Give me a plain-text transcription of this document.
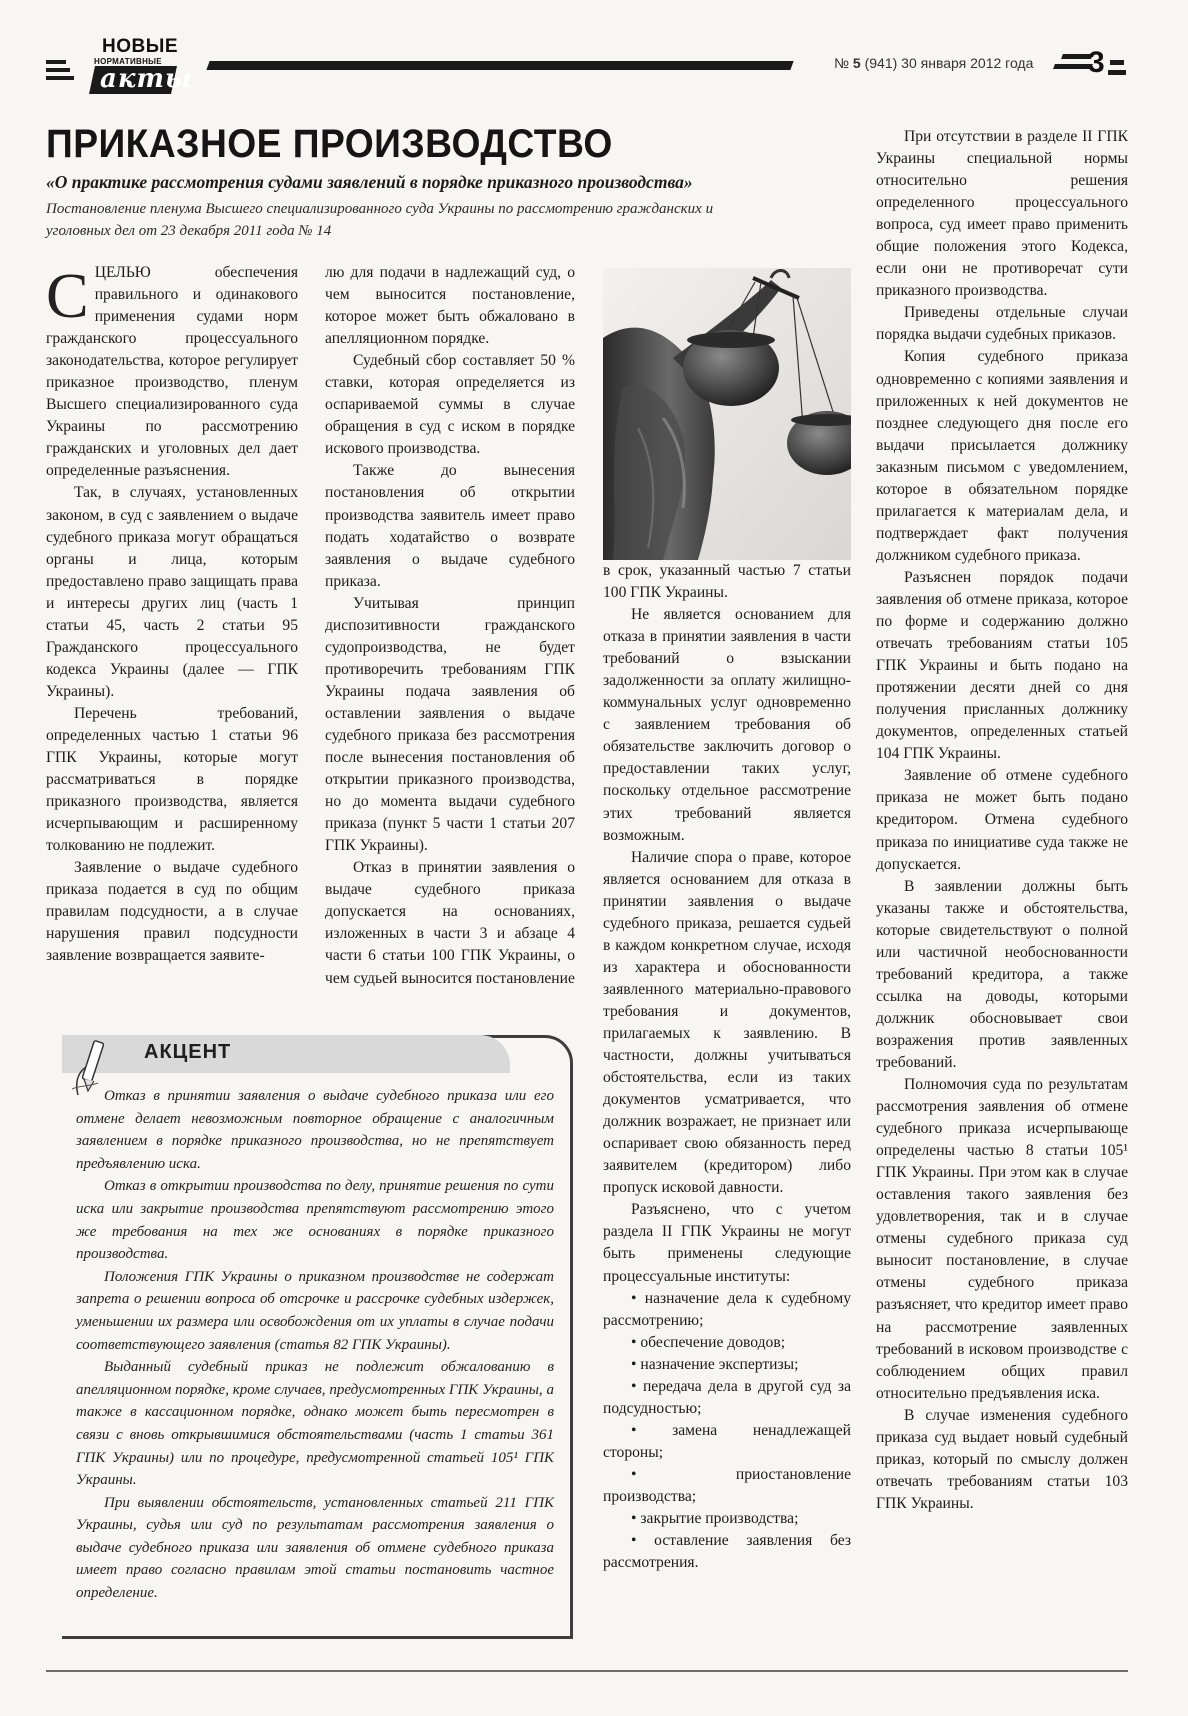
НОВЫЕ
НОРМАТИВНЫЕ
акты
№ 5 (941) 30 января 2012 года 3
ПРИКАЗНОЕ ПРОИЗВОДСТВО
«О практике рассмотрения судами заявлений в порядке приказного производства»
Постановление пленума Высшего специализированного суда Украины по рассмотрению гражданских и уголовных дел от 23 декабря 2011 года № 14

СЦЕЛЬЮ обеспечения правильного и одинакового применения судами норм гражданского процессуального законодательства, которое регулирует приказное производство, пленум Высшего специализированного суда Украины по рассмотрению гражданских и уголовных дел дает определенные разъяснения.

Так, в случаях, установленных законом, в суд с заявлением о выдаче судебного приказа могут обращаться органы и лица, которым предоставлено право защищать права и интересы других лиц (часть 1 статьи 45, часть 2 статьи 95 Гражданского процессуального кодекса Украины (далее — ГПК Украины).

Перечень требований, определенных частью 1 статьи 96 ГПК Украины, которые могут рассматриваться в порядке приказного производства, является исчерпывающим и расширенному толкованию не подлежит.

Заявление о выдаче судебного приказа подается в суд по общим правилам подсудности, а в случае нарушения правил подсудности заявление возвращается заявите-

лю для подачи в надлежащий суд, о чем выносится постановление, которое может быть обжаловано в апелляционном порядке.

Судебный сбор составляет 50 % ставки, которая определяется из оспариваемой суммы в случае обращения в суд с иском в порядке искового производства.

Также до вынесения постановления об открытии производства заявитель имеет право подать ходатайство о возврате заявления о выдаче судебного приказа.

Учитывая принцип диспозитивности гражданского судопроизводства, не будет противоречить требованиям ГПК Украины подача заявления об оставлении заявления о выдаче судебного приказа без рассмотрения после вынесения постановления об открытии приказного производства, но до момента выдачи судебного приказа (пункт 5 части 1 статьи 207 ГПК Украины).

Отказ в принятии заявления о выдаче судебного приказа допускается на основаниях, изложенных в части 3 и абзаце 4 части 6 статьи 100 ГПК Украины, о чем судьей выносится постановление

в срок, указанный частью 7 статьи 100 ГПК Украины.

Не является основанием для отказа в принятии заявления в части требований о взыскании задолженности за оплату жилищно-коммунальных услуг одновременно с заявлением требования об обязательстве заключить договор о предоставлении таких услуг, поскольку отдельное рассмотрение этих требований является возможным.

Наличие спора о праве, которое является основанием для отказа в принятии заявления о выдаче судебного приказа, решается судьей в каждом конкретном случае, исходя из характера и обоснованности заявленного материально-правового требования и документов, прилагаемых к заявлению. В частности, должны учитываться обстоятельства, если из таких документов усматривается, что должник возражает, не признает или оспаривает свою обязанность перед заявителем (кредитором) либо пропуск исковой давности.

Разъяснено, что с учетом раздела II ГПК Украины не могут быть применены следующие процессуальные институты:

• назначение дела к судебному рассмотрению;
• обеспечение доводов;
• назначение экспертизы;
• передача дела в другой суд за подсудностью;
• замена ненадлежащей стороны;
• приостановление производства;
• закрытие производства;
• оставление заявления без рассмотрения.

При отсутствии в разделе II ГПК Украины специальной нормы относительно решения определенного процессуального вопроса, суд имеет право применить общие положения этого Кодекса, если они не противоречат сути приказного производства.

Приведены отдельные случаи порядка выдачи судебных приказов.

Копия судебного приказа одновременно с копиями заявления и приложенных к ней документов не позднее следующего дня после его выдачи присылается должнику заказным письмом с уведомлением, которое в обязательном порядке прилагается к материалам дела, и подтверждает факт получения должником судебного приказа.

Разъяснен порядок подачи заявления об отмене приказа, которое по форме и содержанию должно отвечать требованиям статьи 105 ГПК Украины и быть подано на протяжении десяти дней со дня получения присланных должнику документов, определенных статьей 104 ГПК Украины.

Заявление об отмене судебного приказа не может быть подано кредитором. Отмена судебного приказа по инициативе суда также не допускается.

В заявлении должны быть указаны также и обстоятельства, которые свидетельствуют о полной или частичной необоснованности требований кредитора, а также ссылка на доводы, которыми должник обосновывает свои возражения против заявленных требований.

Полномочия суда по результатам рассмотрения заявления об отмене судебного приказа исчерпывающе определены частью 8 статьи 105¹ ГПК Украины. При этом как в случае оставления такого заявления без удовлетворения, так и в случае отмены судебного приказа суд выносит постановление, в случае отмены судебного приказа разъясняет, что кредитор имеет право на рассмотрение заявленных требований в исковом производстве с соблюдением общих правил относительно предъявления иска.

В случае изменения судебного приказа суд выдает новый судебный приказ, который по смыслу должен отвечать требованиям статьи 103 ГПК Украины.

АКЦЕНТ

Отказ в принятии заявления о выдаче судебного приказа или его отмене делает невозможным повторное обращение с аналогичным заявлением в порядке приказного производства, но не препятствует предъявлению иска.

Отказ в открытии производства по делу, принятие решения по сути иска или закрытие производства препятствуют рассмотрению этого же требования на тех же основаниях в порядке приказного производства.

Положения ГПК Украины о приказном производстве не содержат запрета о решении вопроса об отсрочке и рассрочке судебных издержек, уменьшении их размера или освобождения от их уплаты в случае подачи соответствующего заявления (статья 82 ГПК Украины).

Выданный судебный приказ не подлежит обжалованию в апелляционном порядке, кроме случаев, предусмотренных ГПК Украины, а также в кассационном порядке, однако может быть пересмотрен в связи с вновь открывшимися обстоятельствами (часть 1 статьи 361 ГПК Украины) или по процедуре, предусмотренной статьей 105¹ ГПК Украины.

При выявлении обстоятельств, установленных статьей 211 ГПК Украины, судья или суд по результатам рассмотрения заявления о выдаче судебного приказа или заявления об отмене судебного приказа имеет право согласно правилам этой статьи постановить частное определение.
